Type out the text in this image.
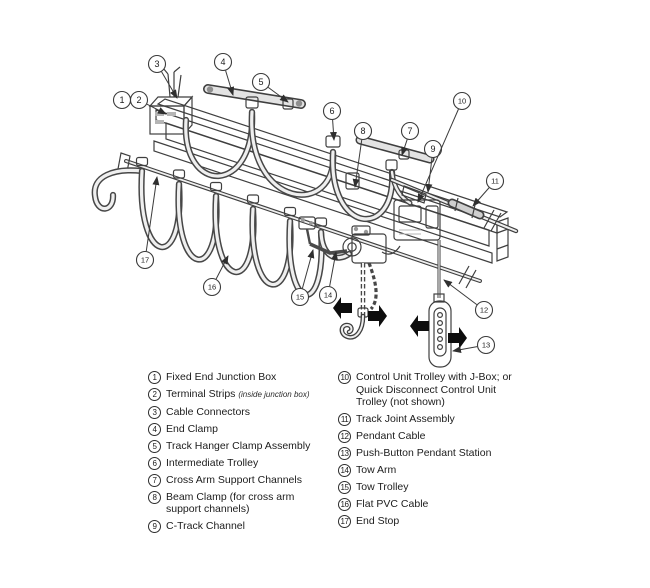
1 2
3	4
5
6
7
8
9
10
11
12
13
14
15
16
17
1 Fixed End Junction Box
2 Terminal Strips (inside junction box)
3 Cable Connectors
4 End Clamp
5 Track Hanger Clamp Assembly
6 Intermediate Trolley
7 Cross Arm Support Channels
8 Beam Clamp (for cross arm support channels)
9 C-Track Channel
10 Control Unit Trolley with J-Box; or Quick Disconnect Control Unit Trolley (not shown)
11 Track Joint Assembly
12 Pendant Cable
13 Push-Button Pendant Station
14 Tow Arm
15 Tow Trolley
16 Flat PVC Cable
17 End Stop
